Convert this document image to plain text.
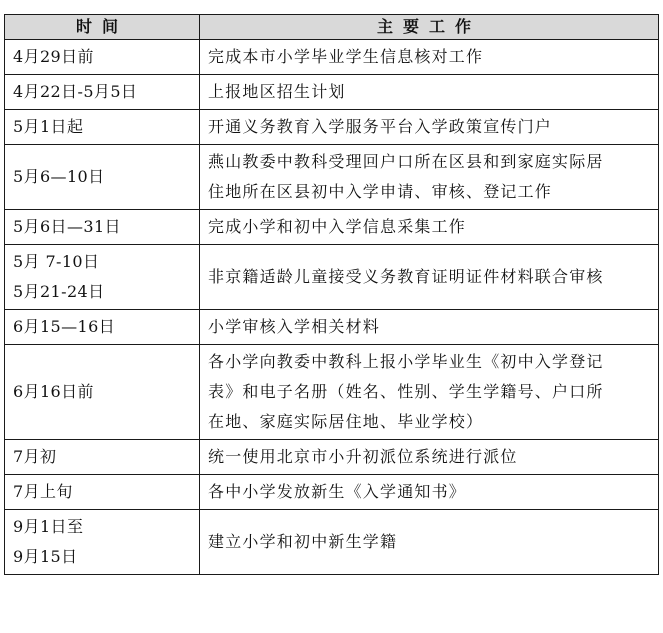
时间	主要工作

4月29日前	完成本市小学毕业学生信息核对工作

4月22日-5月5日	上报地区招生计划

5月1日起	开通义务教育入学服务平台入学政策宣传门户

5月6—10日	燕山教委中教科受理回户口所在区县和到家庭实际居
住地所在区县初中入学申请、审核、登记工作

5月6日—31日	完成小学和初中入学信息采集工作

5月 7-10日
5月21-24日	非京籍适龄儿童接受义务教育证明证件材料联合审核

6月15—16日	小学审核入学相关材料

6月16日前	各小学向教委中教科上报小学毕业生《初中入学登记
表》和电子名册（姓名、性别、学生学籍号、户口所
在地、家庭实际居住地、毕业学校）

7月初	统一使用北京市小升初派位系统进行派位

7月上旬	各中小学发放新生《入学通知书》

9月1日至
9月15日	建立小学和初中新生学籍
